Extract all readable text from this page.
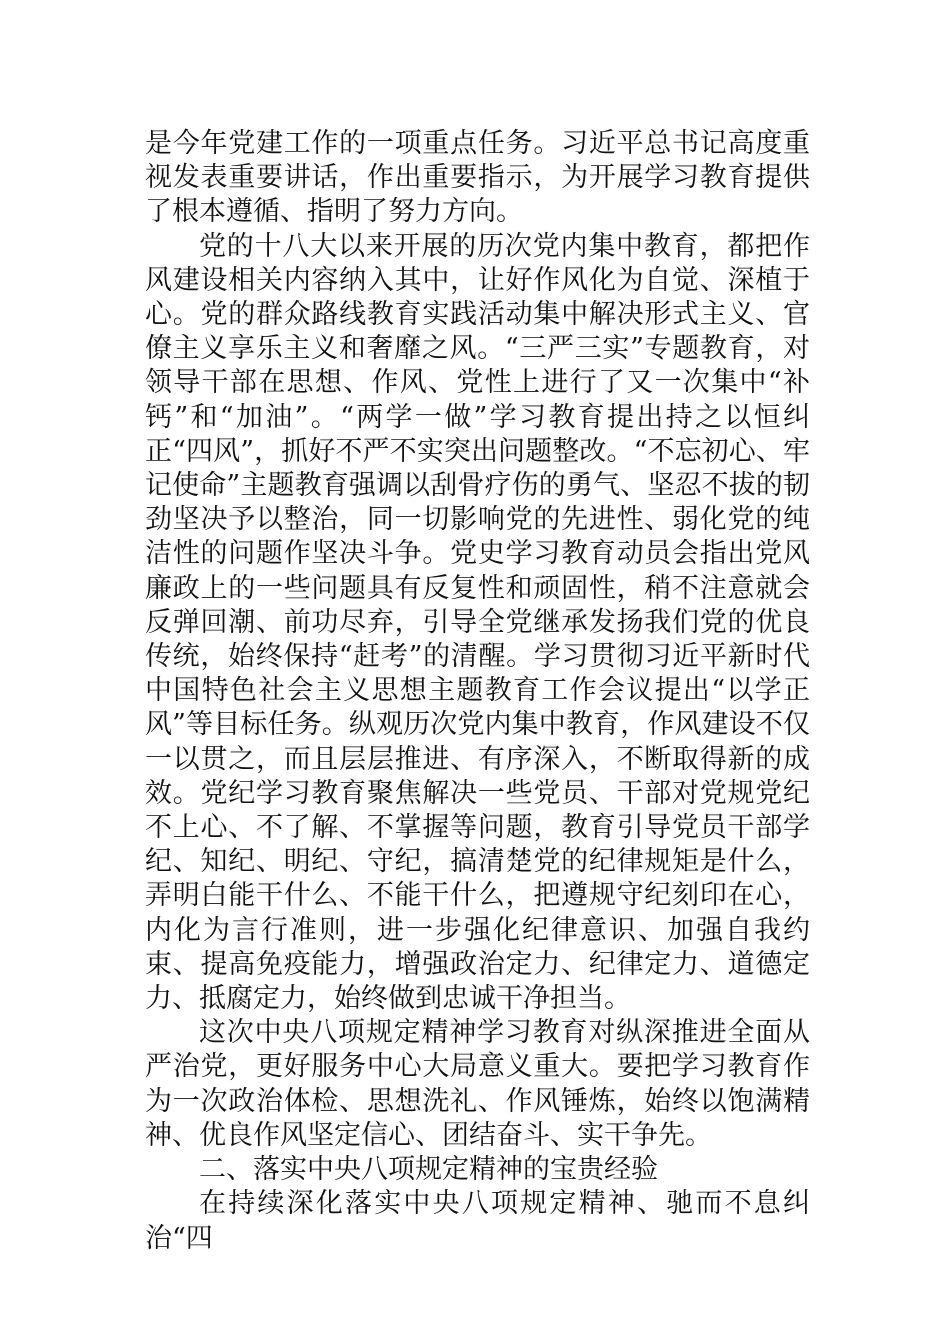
是今年党建工作的一项重点任务。习近平总书记高度重视发表重要讲话，作出重要指示，为开展学习教育提供了根本遵循、指明了努力方向。

党的十八大以来开展的历次党内集中教育，都把作风建设相关内容纳入其中，让好作风化为自觉、深植于心。党的群众路线教育实践活动集中解决形式主义、官僚主义享乐主义和奢靡之风。“三严三实”专题教育，对领导干部在思想、作风、党性上进行了又一次集中“补钙”和“加油”。“两学一做”学习教育提出持之以恒纠正“四风”，抓好不严不实突出问题整改。“不忘初心、牢记使命”主题教育强调以刮骨疗伤的勇气、坚忍不拔的韧劲坚决予以整治，同一切影响党的先进性、弱化党的纯洁性的问题作坚决斗争。党史学习教育动员会指出党风廉政上的一些问题具有反复性和顽固性，稍不注意就会反弹回潮、前功尽弃，引导全党继承发扬我们党的优良传统，始终保持“赶考”的清醒。学习贯彻习近平新时代中国特色社会主义思想主题教育工作会议提出“以学正风”等目标任务。纵观历次党内集中教育，作风建设不仅一以贯之，而且层层推进、有序深入，不断取得新的成效。党纪学习教育聚焦解决一些党员、干部对党规党纪不上心、不了解、不掌握等问题，教育引导党员干部学纪、知纪、明纪、守纪，搞清楚党的纪律规矩是什么，弄明白能干什么、不能干什么，把遵规守纪刻印在心，内化为言行准则，进一步强化纪律意识、加强自我约束、提高免疫能力，增强政治定力、纪律定力、道德定力、抵腐定力，始终做到忠诚干净担当。

这次中央八项规定精神学习教育对纵深推进全面从严治党，更好服务中心大局意义重大。要把学习教育作为一次政治体检、思想洗礼、作风锤炼，始终以饱满精神、优良作风坚定信心、团结奋斗、实干争先。

二、落实中央八项规定精神的宝贵经验

在持续深化落实中央八项规定精神、驰而不息纠治“四
